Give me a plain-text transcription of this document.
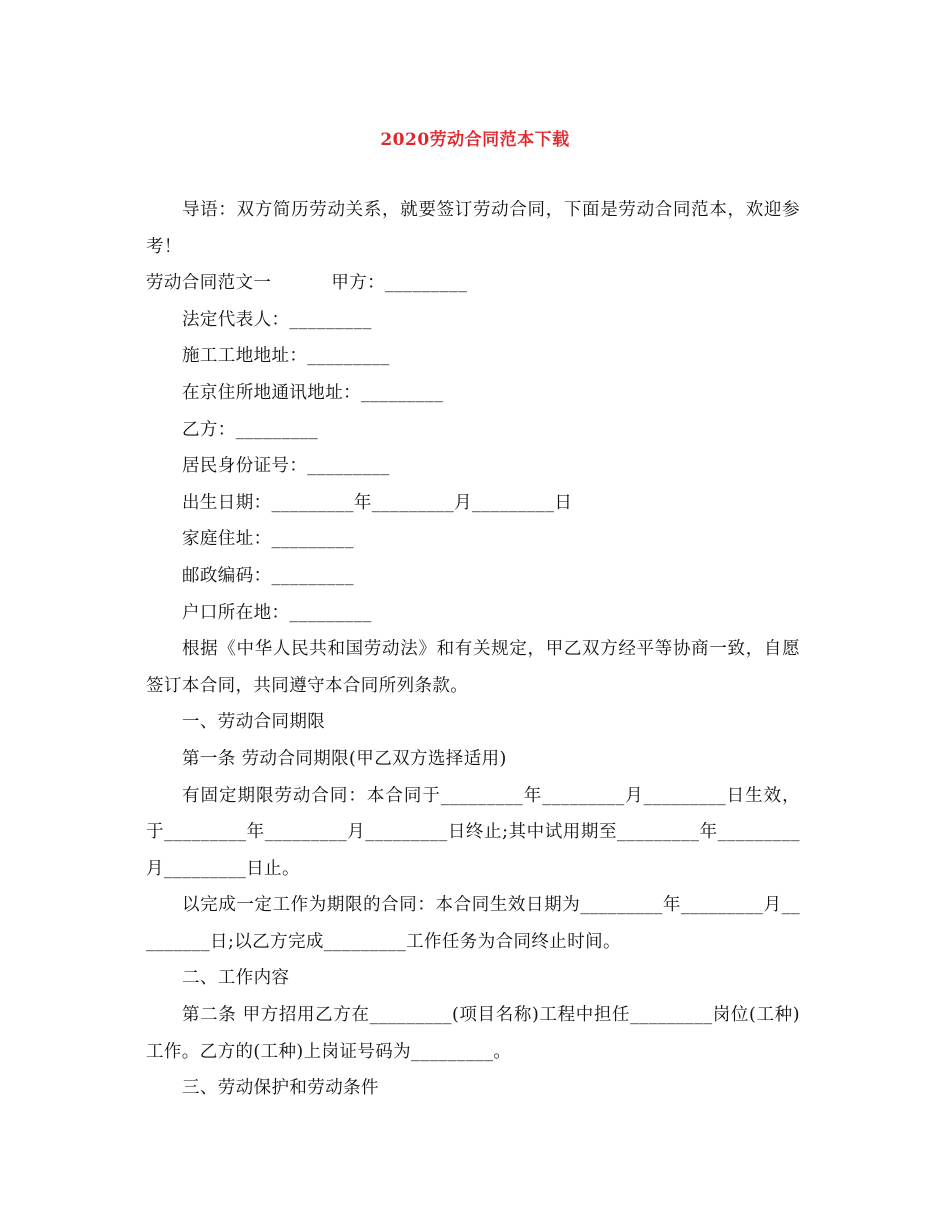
2020劳动合同范本下载

导语：双方简历劳动关系，就要签订劳动合同，下面是劳动合同范本，欢迎参考！

劳动合同范文一	甲方：_________

法定代表人：_________

施工工地地址：_________

在京住所地通讯地址：_________

乙方：_________

居民身份证号：_________

出生日期：_________年_________月_________日

家庭住址：_________

邮政编码：_________

户口所在地：_________

根据《中华人民共和国劳动法》和有关规定，甲乙双方经平等协商一致，自愿签订本合同，共同遵守本合同所列条款。

一、劳动合同期限

第一条 劳动合同期限(甲乙双方选择适用)

有固定期限劳动合同：本合同于_________年_________月_________日生效，于_________年_________月_________日终止;其中试用期至_________年_________月_________日止。

以完成一定工作为期限的合同：本合同生效日期为_________年_________月_________日;以乙方完成_________工作任务为合同终止时间。

二、工作内容

第二条 甲方招用乙方在_________(项目名称)工程中担任_________岗位(工种)工作。乙方的(工种)上岗证号码为_________。

三、劳动保护和劳动条件
